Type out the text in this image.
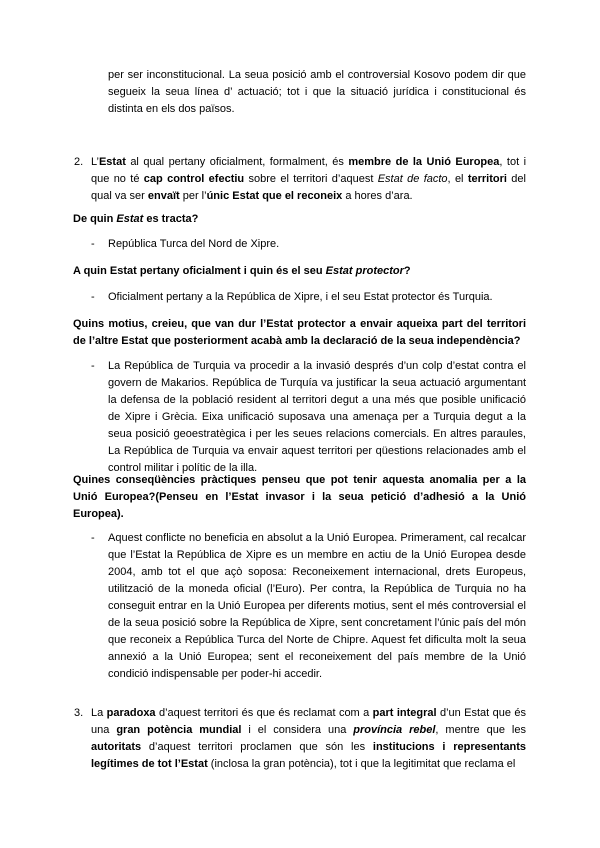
per ser inconstitucional. La seua posició amb el controversial Kosovo podem dir que segueix la seua línea d’ actuació; tot i que la situació jurídica i constitucional és distinta en els dos països.

2. L’Estat al qual pertany oficialment, formalment, és membre de la Unió Europea, tot i que no té cap control efectiu sobre el territori d’aquest Estat de facto, el territori del qual va ser envaït per l’únic Estat que el reconeix a hores d’ara.

De quin Estat es tracta?

- República Turca del Nord de Xipre.

A quin Estat pertany oficialment i quin és el seu Estat protector?

- Oficialment pertany a la República de Xipre, i el seu Estat protector és Turquia.

Quins motius, creieu, que van dur l’Estat protector a envair aqueixa part del territori de l’altre Estat que posteriorment acabà amb la declaració de la seua independència?

- La República de Turquia va procedir a la invasió després d’un colp d’estat contra el govern de Makarios. República de Turquía va justificar la seua actuació argumentant la defensa de la població resident al territori degut a una més que posible unificació de Xipre i Grècia. Eixa unificació suposava una amenaça per a Turquia degut a la seua posició geoestratègica i per les seues relacions comercials. En altres paraules, La República de Turquia va envair aquest territori per qüestions relacionades amb el control militar i polític de la illa.

Quines conseqüències pràctiques penseu que pot tenir aquesta anomalia per a la Unió Europea?(Penseu en l’Estat invasor i la seua petició d’adhesió a la Unió Europea).

- Aquest conflicte no beneficia en absolut a la Unió Europea. Primerament, cal recalcar que l’Estat la República de Xipre es un membre en actiu de la Unió Europea desde 2004, amb tot el que açò soposa: Reconeixement internacional, drets Europeus, utilització de la moneda oficial (l’Euro). Per contra, la República de Turquia no ha conseguit entrar en la Unió Europea per diferents motius, sent el més controversial el de la seua posició sobre la República de Xipre, sent concretament l’únic país del món que reconeix a República Turca del Norte de Chipre. Aquest fet dificulta molt la seua annexió a la Unió Europea; sent el reconeixement del país membre de la Unió condició indispensable per poder-hi accedir.

3. La paradoxa d’aquest territori és que és reclamat com a part integral d’un Estat que és una gran potència mundial i el considera una província rebel, mentre que les autoritats d’aquest territori proclamen que són les institucions i representants legítimes de tot l’Estat (inclosa la gran potència), tot i que la legitimitat que reclama el
